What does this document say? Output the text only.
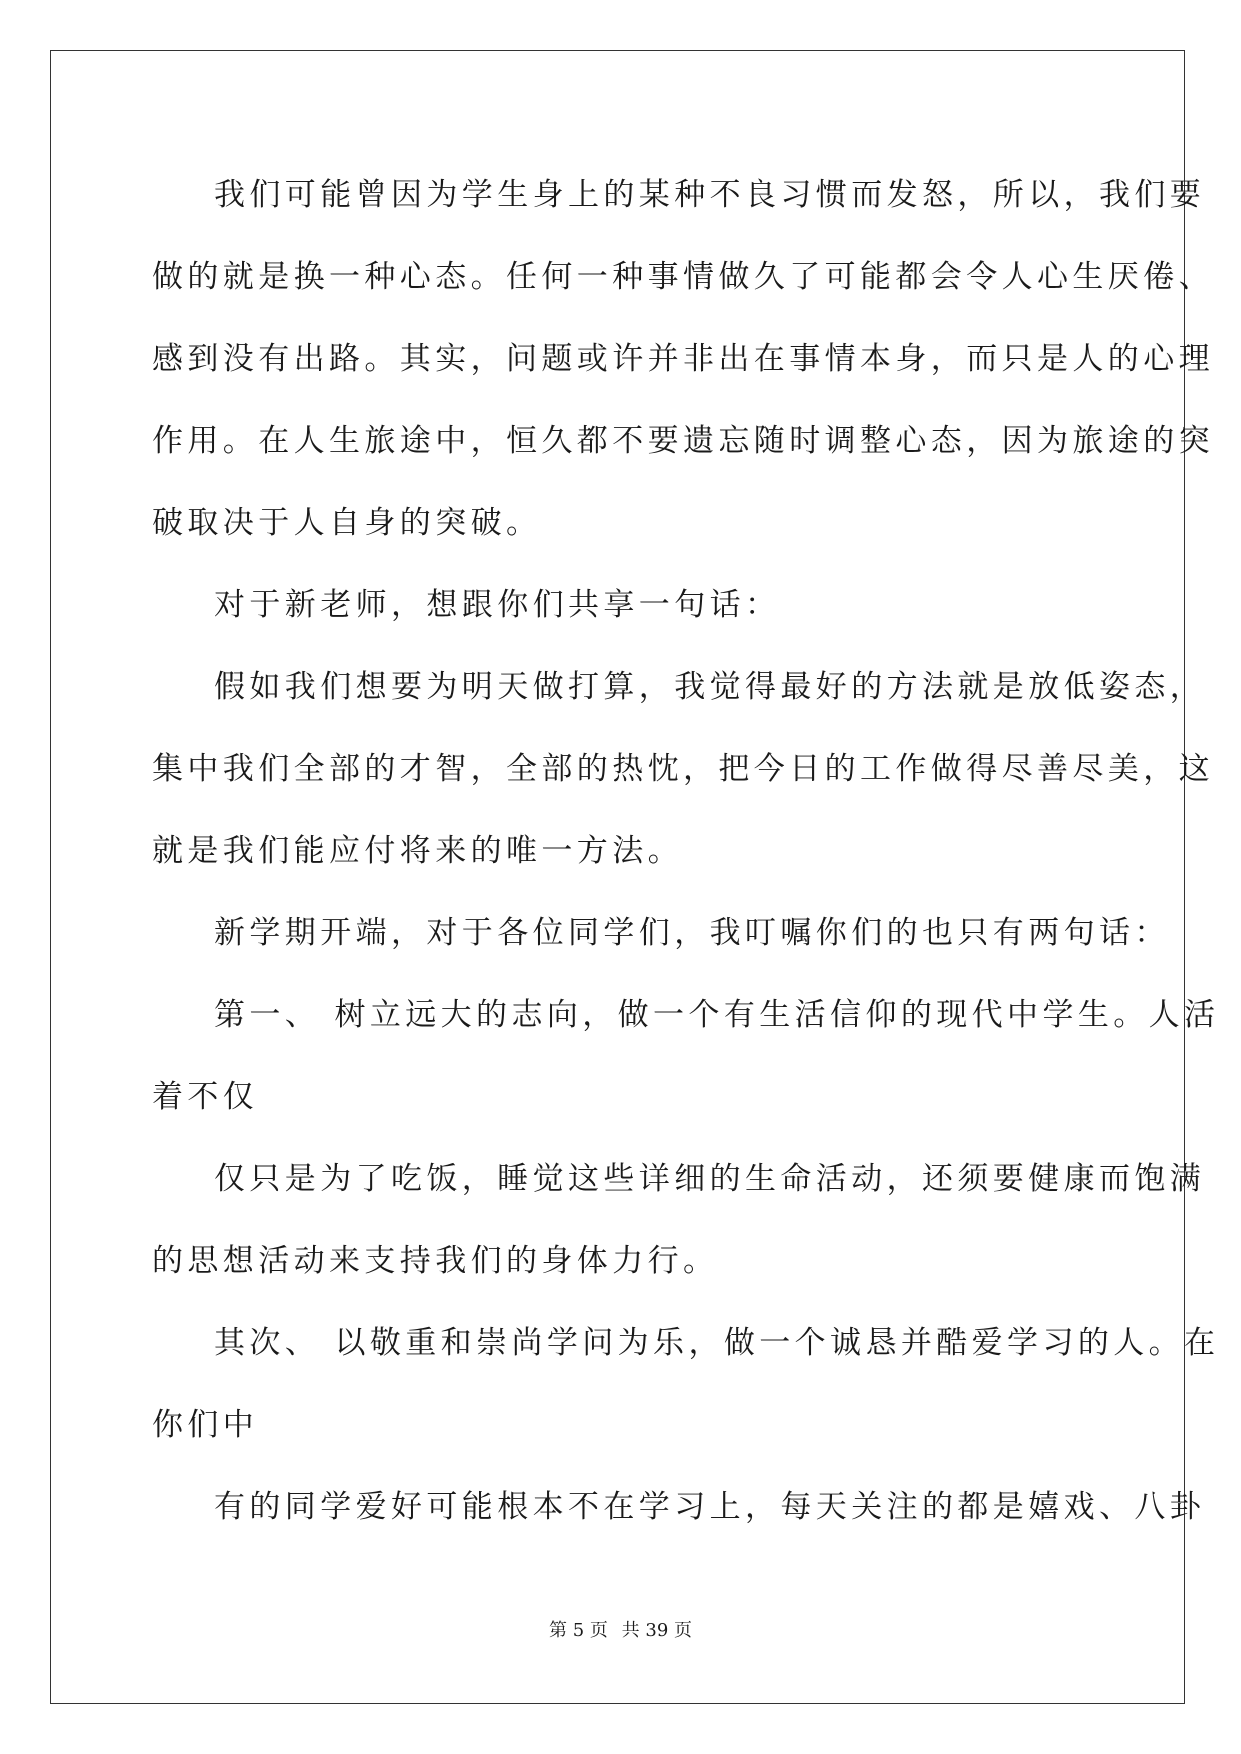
我们可能曾因为学生身上的某种不良习惯而发怒，所以，我们要
做的就是换一种心态。任何一种事情做久了可能都会令人心生厌倦、
感到没有出路。其实，问题或许并非出在事情本身，而只是人的心理
作用。在人生旅途中，恒久都不要遗忘随时调整心态，因为旅途的突
破取决于人自身的突破。
对于新老师，想跟你们共享一句话：
假如我们想要为明天做打算，我觉得最好的方法就是放低姿态，
集中我们全部的才智，全部的热忱，把今日的工作做得尽善尽美，这
就是我们能应付将来的唯一方法。
新学期开端，对于各位同学们，我叮嘱你们的也只有两句话：
第一、 树立远大的志向，做一个有生活信仰的现代中学生。人活
着不仅
仅只是为了吃饭，睡觉这些详细的生命活动，还须要健康而饱满
的思想活动来支持我们的身体力行。
其次、 以敬重和崇尚学问为乐，做一个诚恳并酷爱学习的人。在
你们中
有的同学爱好可能根本不在学习上，每天关注的都是嬉戏、八卦
第 5 页 共 39 页
